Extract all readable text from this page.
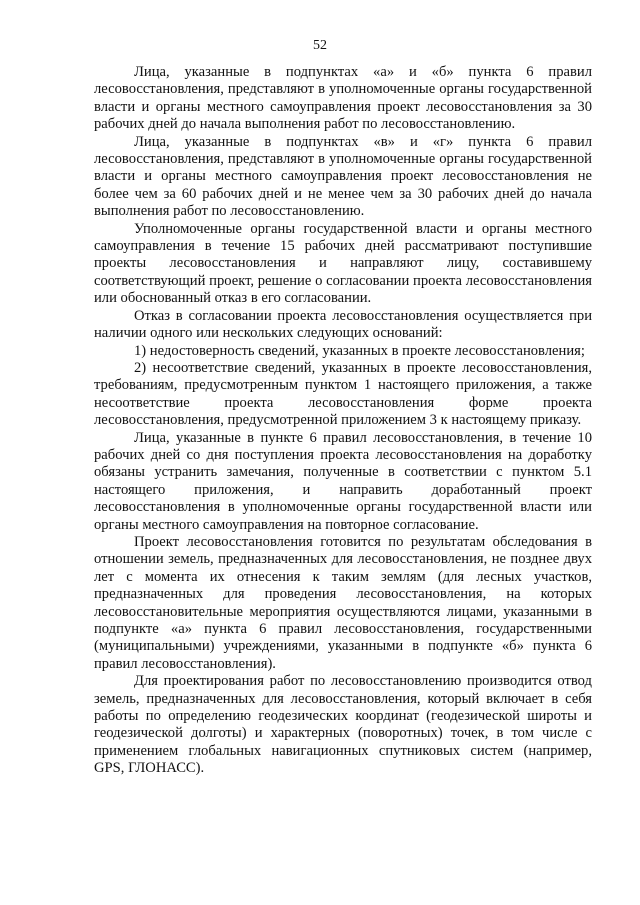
52

Лица, указанные в подпунктах «а» и «б» пункта 6 правил лесовосстановления, представляют в уполномоченные органы государственной власти и органы местного самоуправления проект лесовосстановления за 30 рабочих дней до начала выполнения работ по лесовосстановлению.

Лица, указанные в подпунктах «в» и «г» пункта 6 правил лесовосстановления, представляют в уполномоченные органы государственной власти и органы местного самоуправления проект лесовосстановления не более чем за 60 рабочих дней и не менее чем за 30 рабочих дней до начала выполнения работ по лесовосстановлению.

Уполномоченные органы государственной власти и органы местного самоуправления в течение 15 рабочих дней рассматривают поступившие проекты лесовосстановления и направляют лицу, составившему соответствующий проект, решение о согласовании проекта лесовосстановления или обоснованный отказ в его согласовании.

Отказ в согласовании проекта лесовосстановления осуществляется при наличии одного или нескольких следующих оснований:

1) недостоверность сведений, указанных в проекте лесовосстановления;

2) несоответствие сведений, указанных в проекте лесовосстановления, требованиям, предусмотренным пунктом 1 настоящего приложения, а также несоответствие проекта лесовосстановления форме проекта лесовосстановления, предусмотренной приложением 3 к настоящему приказу.

Лица, указанные в пункте 6 правил лесовосстановления, в течение 10 рабочих дней со дня поступления проекта лесовосстановления на доработку обязаны устранить замечания, полученные в соответствии с пунктом 5.1 настоящего приложения, и направить доработанный проект лесовосстановления в уполномоченные органы государственной власти или органы местного самоуправления на повторное согласование.

Проект лесовосстановления готовится по результатам обследования в отношении земель, предназначенных для лесовосстановления, не позднее двух лет с момента их отнесения к таким землям (для лесных участков, предназначенных для проведения лесовосстановления, на которых лесовосстановительные мероприятия осуществляются лицами, указанными в подпункте «а» пункта 6 правил лесовосстановления, государственными (муниципальными) учреждениями, указанными в подпункте «б» пункта 6 правил лесовосстановления).

Для проектирования работ по лесовосстановлению производится отвод земель, предназначенных для лесовосстановления, который включает в себя работы по определению геодезических координат (геодезической широты и геодезической долготы) и характерных (поворотных) точек, в том числе с применением глобальных навигационных спутниковых систем (например, GPS, ГЛОНАСС).
